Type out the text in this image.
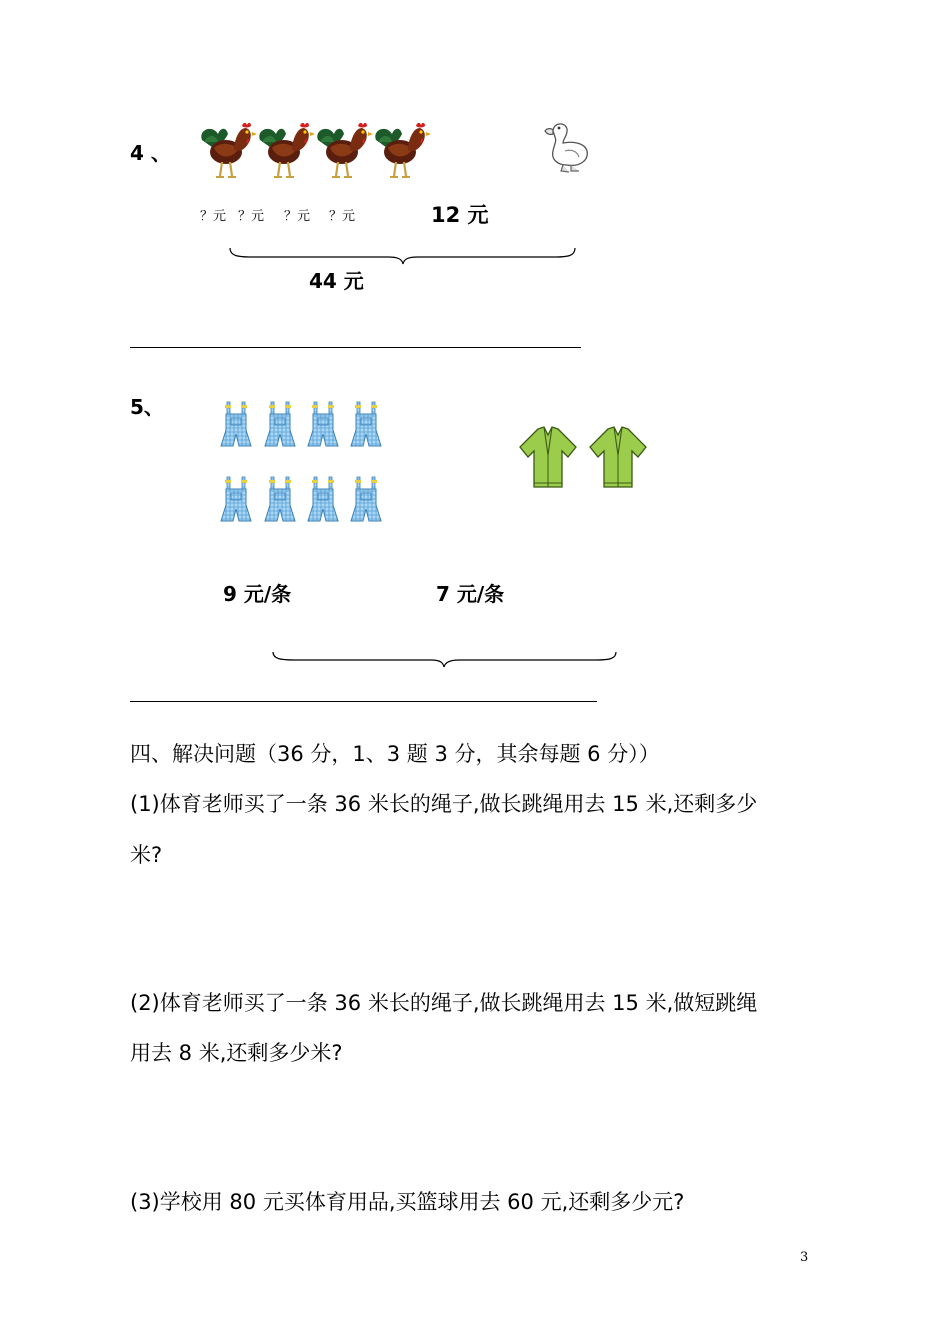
4 、
？元 ？元 ？元 ？元	12 元
44 元
5、
9 元/条	7 元/条
四、解决问题（36 分，1、3 题 3 分，其余每题 6 分））
(1)体育老师买了一条 36 米长的绳子,做长跳绳用去 15 米,还剩多少
米?
(2)体育老师买了一条 36 米长的绳子,做长跳绳用去 15 米,做短跳绳
用去 8 米,还剩多少米?
(3)学校用 80 元买体育用品,买篮球用去 60 元,还剩多少元?
3
